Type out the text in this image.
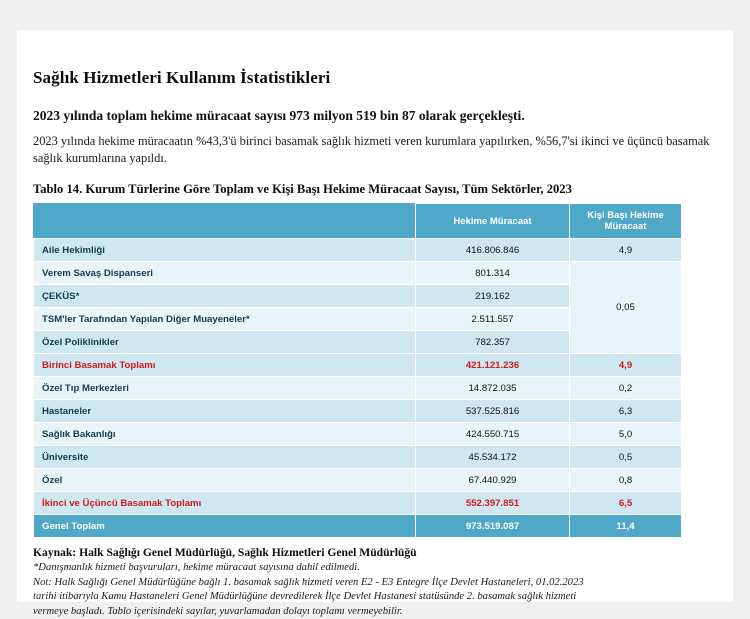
Sağlık Hizmetleri Kullanım İstatistikleri

2023 yılında toplam hekime müracaat sayısı 973 milyon 519 bin 87 olarak gerçekleşti.

2023 yılında hekime müracaatın %43,3'ü birinci basamak sağlık hizmeti veren kurumlara yapılırken, %56,7'si ikinci ve üçüncü basamak sağlık kurumlarına yapıldı.

Tablo 14. Kurum Türlerine Göre Toplam ve Kişi Başı Hekime Müracaat Sayısı, Tüm Sektörler, 2023

	Hekime Müracaat	Kişi Başı Hekime Müracaat
Aile Hekimliği	416.806.846	4,9
Verem Savaş Dispanseri	801.314	0,05
ÇEKÜS*	219.162	
TSM'ler Tarafından Yapılan Diğer Muayeneler*	2.511.557	
Özel Poliklinikler	782.357	
Birinci Basamak Toplamı	421.121.236	4,9
Özel Tıp Merkezleri	14.872.035	0,2
Hastaneler	537.525.816	6,3
Sağlık Bakanlığı	424.550.715	5,0
Üniversite	45.534.172	0,5
Özel	67.440.929	0,8
İkinci ve Üçüncü Basamak Toplamı	552.397.851	6,5
Genel Toplam	973.519.087	11,4
Kaynak: Halk Sağlığı Genel Müdürlüğü, Sağlık Hizmetleri Genel Müdürlüğü

*Danışmanlık hizmeti başvuruları, hekime müracaat sayısına dahil edilmedi.

Not: Halk Sağlığı Genel Müdürlüğüne bağlı 1. basamak sağlık hizmeti veren E2 - E3 Entegre İlçe Devlet Hastaneleri, 01.02.2023

tarihi itibarıyla Kamu Hastaneleri Genel Müdürlüğüne devredilerek İlçe Devlet Hastanesi statüsünde 2. basamak sağlık hizmeti

vermeye başladı. Tablo içerisindeki sayılar, yuvarlamadan dolayı toplamı vermeyebilir.
